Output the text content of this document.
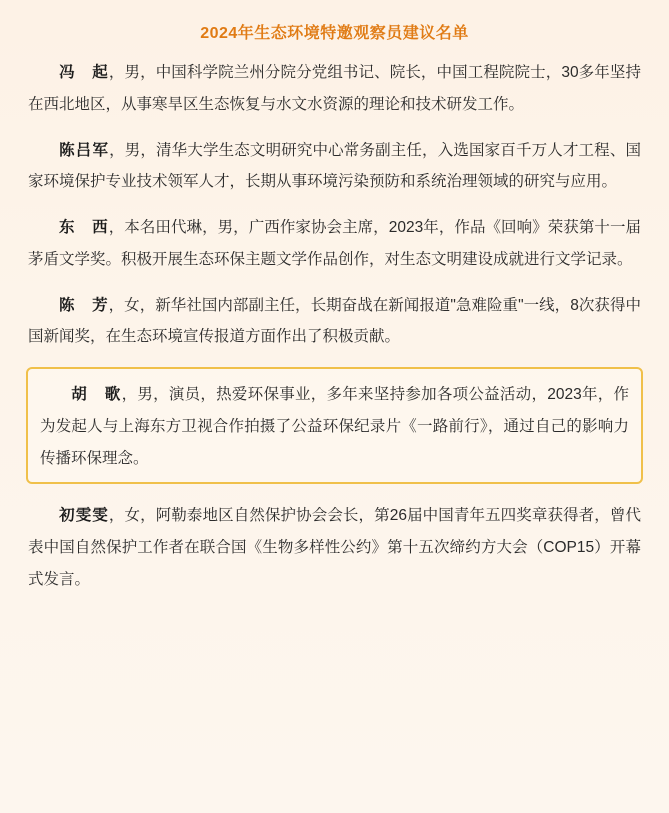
2024年生态环境特邀观察员建议名单

冯　起，男，中国科学院兰州分院分党组书记、院长，中国工程院院士，30多年坚持在西北地区，从事寒旱区生态恢复与水文水资源的理论和技术研发工作。

陈吕军，男，清华大学生态文明研究中心常务副主任，入选国家百千万人才工程、国家环境保护专业技术领军人才，长期从事环境污染预防和系统治理领域的研究与应用。

东　西，本名田代琳，男，广西作家协会主席，2023年，作品《回响》荣获第十一届茅盾文学奖。积极开展生态环保主题文学作品创作，对生态文明建设成就进行文学记录。

陈　芳，女，新华社国内部副主任，长期奋战在新闻报道"急难险重"一线，8次获得中国新闻奖，在生态环境宣传报道方面作出了积极贡献。

胡　歌，男，演员，热爱环保事业，多年来坚持参加各项公益活动，2023年，作为发起人与上海东方卫视合作拍摄了公益环保纪录片《一路前行》，通过自己的影响力传播环保理念。

初雯雯，女，阿勒泰地区自然保护协会会长，第26届中国青年五四奖章获得者，曾代表中国自然保护工作者在联合国《生物多样性公约》第十五次缔约方大会（COP15）开幕式发言。
